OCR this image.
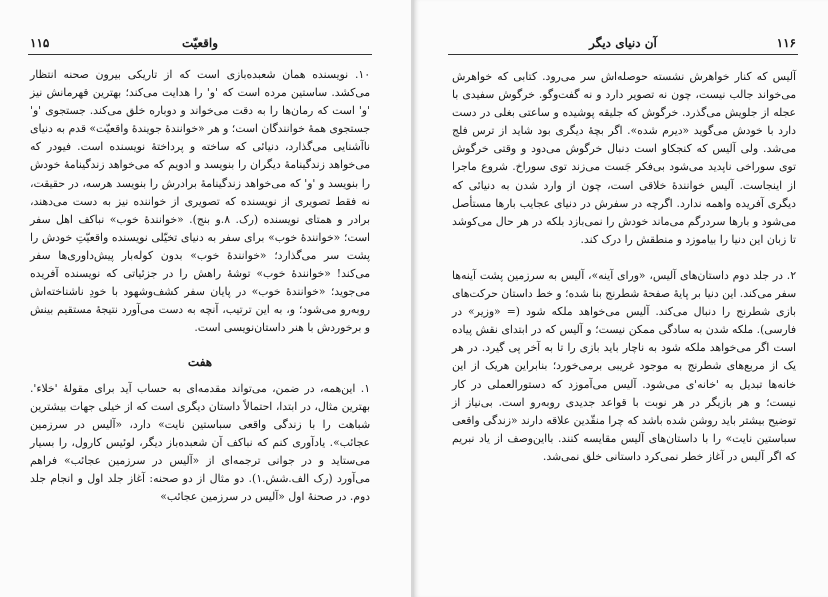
واقعیّت
۱۱۵

۱۰. نویسنده همان شعبده‌بازی است که از تاریکی بیرون صحنه انتظار می‌کشد. ساستین مرده است که 'و' را هدایت می‌کند؛ بهترین قهرمانش نیز 'و' است که رمان‌ها را به دقت می‌خواند و دوباره خلق می‌کند. جستجوی 'و' جستجوی همهٔ خوانندگان است؛ و هر «خوانندهٔ جویندهٔ واقعیّت» قدم به دنیای ناآشنایی می‌گذارد، دنیائی که ساخته و پرداختهٔ نویسنده است. فیودر که می‌خواهد زندگینامهٔ دیگران را بنویسد و ادویم که می‌خواهد زندگینامهٔ خودش را بنویسد و 'و' که می‌خواهد زندگینامهٔ برادرش را بنویسد هرسه، در حقیقت، نه فقط تصویری از نویسنده که تصویری از خواننده نیز به دست می‌دهند، برادر و همتای نویسنده (رک. ۸.و بنج). «خوانندهٔ خوب» نباکف اهل سفر است؛ «خوانندهٔ خوب» برای سفر به دنیای تخیّلی نویسنده واقعیّتِ خودش را پشت سر می‌گذارد؛ «خوانندهٔ خوب» بدون کوله‌بار پیش‌داوری‌ها سفر می‌کند! «خوانندهٔ خوب» توشهٔ راهش را در جزئیاتی که نویسنده آفریده می‌جوید؛ «خوانندهٔ خوب» در پایان سفر کشف‌وشهود با خودِ ناشناخته‌اش روبه‌رو می‌شود؛ و، به این ترتیب، آنچه به دست می‌آورد نتیجهٔ مستقیم بینش و برخوردش با هنر داستان‌نویسی است.

هفت

۱. این‌همه، در ضمن، می‌تواند مقدمه‌ای به حساب آید برای مقولهٔ 'خلاء'. بهترین مثال، در ابتدا، احتمالاً داستان دیگری است که از خیلی جهات بیشترین شباهت را با زندگی واقعی سباستین نایت» دارد، «آلیس در سرزمین عجائب». یادآوری کنم که نباکف آن شعبده‌باز دیگر، لوئیس کارول، را بسیار می‌ستاید و در جوانی ترجمه‌ای از «آلیس در سرزمین عجائب» فراهم می‌آورد (رک الف.شش.۱). دو مثال از دو صحنه: آغاز جلد اول و انجام جلد دوم. در صحنهٔ اول «آلیس در سرزمین عجائب»

آن دنیای دیگر	۱۱۶

آلیس که کنار خواهرش نشسته حوصله‌اش سر می‌رود. کتابی که خواهرش می‌خواند جالب نیست، چون نه تصویر دارد و نه گفت‌وگو. خرگوش سفیدی با عجله از جلویش می‌گذرد. خرگوش که جلیقه پوشیده و ساعتی بغلی در دست دارد با خودش می‌گوید «دیرم شده». اگر بچهٔ دیگری بود شاید از ترس فلج می‌شد. ولی آلیس که کنجکاو است دنبال خرگوش می‌دود و وقتی خرگوش توی سوراخی ناپدید می‌شود بی‌فکر جَست می‌زند توی سوراخ. شروع ماجرا از اینجاست. آلیس خوانندهٔ خلاقی است، چون از وارد شدن به دنیائی که دیگری آفریده واهمه ندارد. اگرچه در سفرش در دنیای عجایب بارها مستأصل می‌شود و بارها سردرگم می‌ماند خودش را نمی‌بازد بلکه در هر حال می‌کوشد تا زبان این دنیا را بیاموزد و منطقش را درک کند.

۲. در جلد دوم داستان‌های آلیس، «ورای آینه»، آلیس به سرزمین پشت آینه‌ها سفر می‌کند. این دنیا بر پایهٔ صفحهٔ شطرنج بنا شده؛ و خط داستان حرکت‌های بازی شطرنج را دنبال می‌کند. آلیس می‌خواهد ملکه شود (= «وزیر» در فارسی). ملکه شدن به سادگی ممکن نیست؛ و آلیس که در ابتدای نقش پیاده است اگر می‌خواهد ملکه شود به ناچار باید بازی را تا به آخر پی گیرد. در هر یک از مربع‌های شطرنج به موجود غریبی برمی‌خورد؛ بنابراین هریک از این خانه‌ها تبدیل به 'خانه'ی می‌شود. آلیس می‌آموزد که دستورالعملی در کار نیست؛ و هر بازیگر در هر نوبت با قواعد جدیدی روبه‌رو است. بی‌نیاز از توضیح بیشتر باید روشن شده باشد که چرا منقّدین علاقه دارند «زندگی واقعی سباستین نایت» را با داستان‌های آلیس مقایسه کنند. بااین‌وصف از یاد نبریم که اگر آلیس در آغاز خطر نمی‌کرد داستانی خلق نمی‌شد.
